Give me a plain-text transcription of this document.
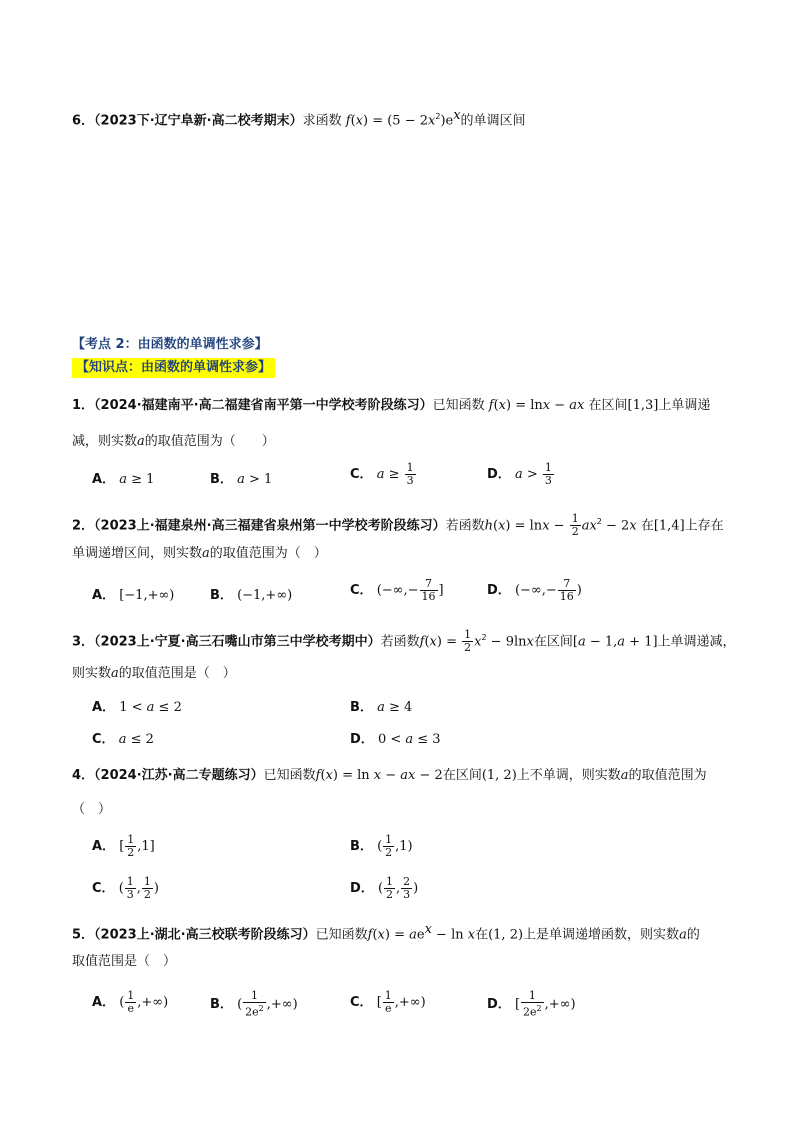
6．（2023下·辽宁阜新·高二校考期末）求函数 $f(x) = (5 - 2x^2)e^x$的单调区间
【考点 2：由函数的单调性求参】
【知识点：由函数的单调性求参】
1．（2024·福建南平·高二福建省南平第一中学校考阶段练习）已知函数 f(x) = lnx − ax 在区间[1,3]上单调递
减，则实数a的取值范围为（　　）
A． a ≥ 1	B． a > 1	C． $a \ge \frac{1}{3}$	D． $a > \frac{1}{3}$
2．（2023上·福建泉州·高三福建省泉州第一中学校考阶段练习）若函数$h(x) = \ln x - \frac{1}{2} ax^2 - 2x$ 在[1,4]上存在
单调递增区间，则实数a的取值范围为（　）
A． [−1,+∞)	B． (−1,+∞)	C． (−∞,− $\frac{7}{16}$ ]	D． (−∞,− $\frac{7}{16}$ )
3．（2023上·宁夏·高三石嘴山市第三中学校考期中）若函数$f(x) = \frac{1}{2} x^2 - 9\ln x$在区间[a − 1,a + 1]上单调递减，
则实数a的取值范围是（　）
A． 1 < a ≤ 2	B． a ≥ 4
C． a ≤ 2	D． 0 < a ≤ 3
4．（2024·江苏·高二专题练习）已知函数f(x) = ln x − ax − 2在区间(1, 2)上不单调，则实数a的取值范围为
（　）
A． [ $\frac{1}{2} ,1$]	B． ( $\frac{1}{2} ,1$)
C． ( $\frac{1}{3}$ , $\frac{1}{2}$ )	D． ( $\frac{1}{2}$ , $\frac{2}{3}$ )
5．（2023上·湖北·高三校联考阶段练习）已知函数$f(x) = ae^x - \ln x$在(1, 2)上是单调递增函数，则实数a的
取值范围是（　）
A． ( $\frac{1}{e}$ ,+∞)	B． ( $\frac{1}{2e^2}$ ,+∞)	C． [ $\frac{1}{e}$ ,+∞)	D． [ $\frac{1}{2e^2}$ ,+∞)
